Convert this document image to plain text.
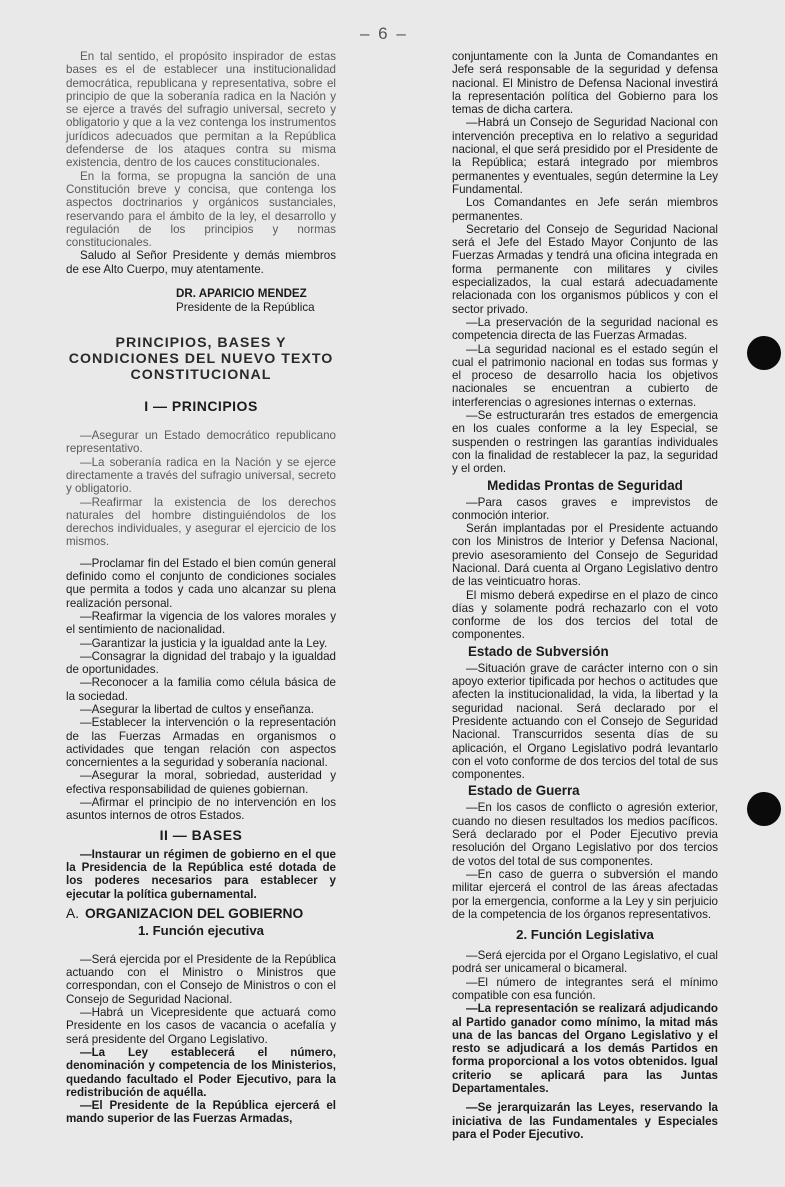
– 6 –

En tal sentido, el propósito inspirador de estas bases es el de establecer una institucionalidad democrática, republicana y representativa, sobre el principio de que la soberanía radica en la Nación y se ejerce a través del sufragio universal, secreto y obligatorio y que a la vez contenga los instrumentos jurídicos adecuados que permitan a la República defenderse de los ataques contra su misma existencia, dentro de los cauces constitucionales.

En la forma, se propugna la sanción de una Constitución breve y concisa, que contenga los aspectos doctrinarios y orgánicos sustanciales, reservando para el ámbito de la ley, el desarrollo y regulación de los principios y normas constitucionales.

Saludo al Señor Presidente y demás miembros de ese Alto Cuerpo, muy atentamente.

DR. APARICIO MENDEZ
Presidente de la República
PRINCIPIOS, BASES Y CONDICIONES DEL NUEVO TEXTO CONSTITUCIONAL
I — PRINCIPIOS

—Asegurar un Estado democrático republicano representativo.

—La soberanía radica en la Nación y se ejerce directamente a través del sufragio universal, secreto y obligatorio.

—Reafirmar la existencia de los derechos naturales del hombre distinguiéndolos de los derechos individuales, y asegurar el ejercicio de los mismos.

—Proclamar fin del Estado el bien común general definido como el conjunto de condiciones sociales que permita a todos y cada uno alcanzar su plena realización personal.

—Reafirmar la vigencia de los valores morales y el sentimiento de nacionalidad.

—Garantizar la justicia y la igualdad ante la Ley.

—Consagrar la dignidad del trabajo y la igualdad de oportunidades.

—Reconocer a la familia como célula básica de la sociedad.

—Asegurar la libertad de cultos y enseñanza.

—Establecer la intervención o la representación de las Fuerzas Armadas en organismos o actividades que tengan relación con aspectos concernientes a la seguridad y soberanía nacional.

—Asegurar la moral, sobriedad, austeridad y efectiva responsabilidad de quienes gobiernan.

—Afirmar el principio de no intervención en los asuntos internos de otros Estados.

II — BASES

—Instaurar un régimen de gobierno en el que la Presidencia de la República esté dotada de los poderes necesarios para establecer y ejecutar la política gubernamental.

A. ORGANIZACION DEL GOBIERNO
1. Función ejecutiva

—Será ejercida por el Presidente de la República actuando con el Ministro o Ministros que correspondan, con el Consejo de Ministros o con el Consejo de Seguridad Nacional.

—Habrá un Vicepresidente que actuará como Presidente en los casos de vacancia o acefalía y será presidente del Organo Legislativo.

—La Ley establecerá el número, denominación y competencia de los Ministerios, quedando facultado el Poder Ejecutivo, para la redistribución de aquélla.

—El Presidente de la República ejercerá el mando superior de las Fuerzas Armadas,

conjuntamente con la Junta de Comandantes en Jefe será responsable de la seguridad y defensa nacional. El Ministro de Defensa Nacional investirá la representación política del Gobierno para los temas de dicha cartera.

—Habrá un Consejo de Seguridad Nacional con intervención preceptiva en lo relativo a seguridad nacional, el que será presidido por el Presidente de la República; estará integrado por miembros permanentes y eventuales, según determine la Ley Fundamental.

Los Comandantes en Jefe serán miembros permanentes.

Secretario del Consejo de Seguridad Nacional será el Jefe del Estado Mayor Conjunto de las Fuerzas Armadas y tendrá una oficina integrada en forma permanente con militares y civiles especializados, la cual estará adecuadamente relacionada con los organismos públicos y con el sector privado.

—La preservación de la seguridad nacional es competencia directa de las Fuerzas Armadas.

—La seguridad nacional es el estado según el cual el patrimonio nacional en todas sus formas y el proceso de desarrollo hacia los objetivos nacionales se encuentran a cubierto de interferencias o agresiones internas o externas.

—Se estructurarán tres estados de emergencia en los cuales conforme a la ley Especial, se suspenden o restringen las garantías individuales con la finalidad de restablecer la paz, la seguridad y el orden.

Medidas Prontas de Seguridad

—Para casos graves e imprevistos de conmoción interior.

Serán implantadas por el Presidente actuando con los Ministros de Interior y Defensa Nacional, previo asesoramiento del Consejo de Seguridad Nacional. Dará cuenta al Organo Legislativo dentro de las veinticuatro horas.

El mismo deberá expedirse en el plazo de cinco días y solamente podrá rechazarlo con el voto conforme de los dos tercios del total de componentes.

Estado de Subversión

—Situación grave de carácter interno con o sin apoyo exterior tipificada por hechos o actitudes que afecten la institucionalidad, la vida, la libertad y la seguridad nacional. Será declarado por el Presidente actuando con el Consejo de Seguridad Nacional. Transcurridos sesenta días de su aplicación, el Organo Legislativo podrá levantarlo con el voto conforme de dos tercios del total de sus componentes.

Estado de Guerra

—En los casos de conflicto o agresión exterior, cuando no diesen resultados los medios pacíficos. Será declarado por el Poder Ejecutivo previa resolución del Organo Legislativo por dos tercios de votos del total de sus componentes.

—En caso de guerra o subversión el mando militar ejercerá el control de las áreas afectadas por la emergencia, conforme a la Ley y sin perjuicio de la competencia de los órganos representativos.

2. Función Legislativa

—Será ejercida por el Organo Legislativo, el cual podrá ser unicameral o bicameral.

—El número de integrantes será el mínimo compatible con esa función.

—La representación se realizará adjudicando al Partido ganador como mínimo, la mitad más una de las bancas del Organo Legislativo y el resto se adjudicará a los demás Partidos en forma proporcional a los votos obtenidos. Igual criterio se aplicará para las Juntas Departamentales.

—Se jerarquizarán las Leyes, reservando la iniciativa de las Fundamentales y Especiales para el Poder Ejecutivo.
